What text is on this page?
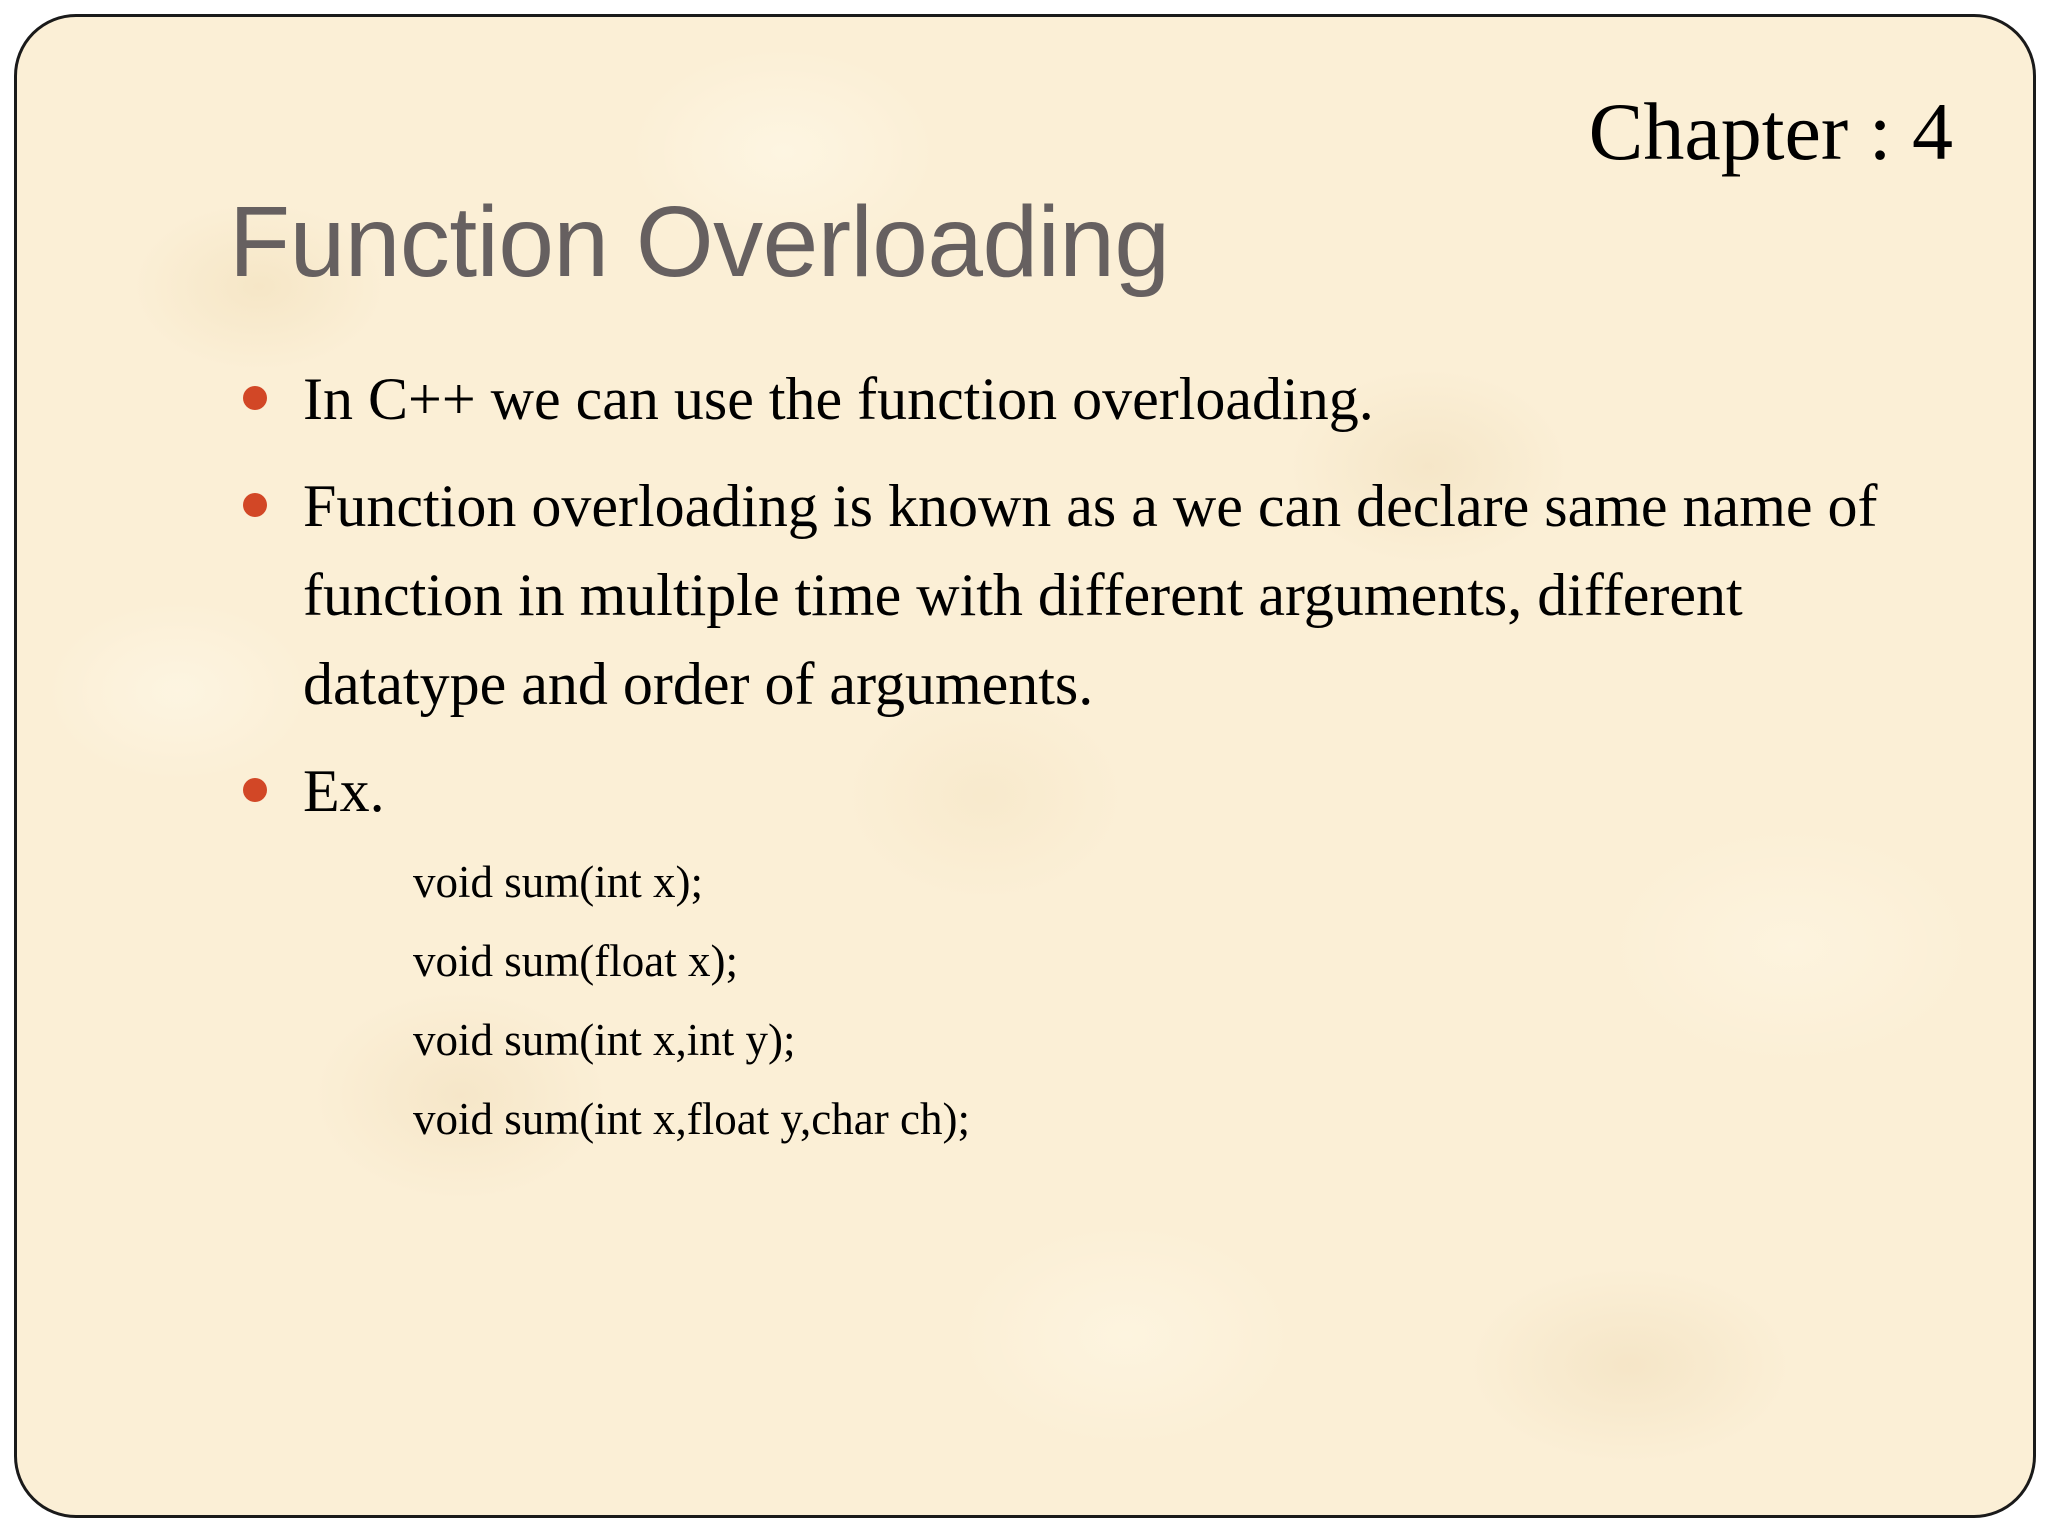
Chapter : 4
Function Overloading
In C++ we can use the function overloading.
Function overloading is known as a we can declare same name of function in multiple time with different arguments, different datatype and order of arguments.
Ex.
void sum(int x);
void sum(float x);
void sum(int x,int y);
void sum(int x,float y,char ch);
